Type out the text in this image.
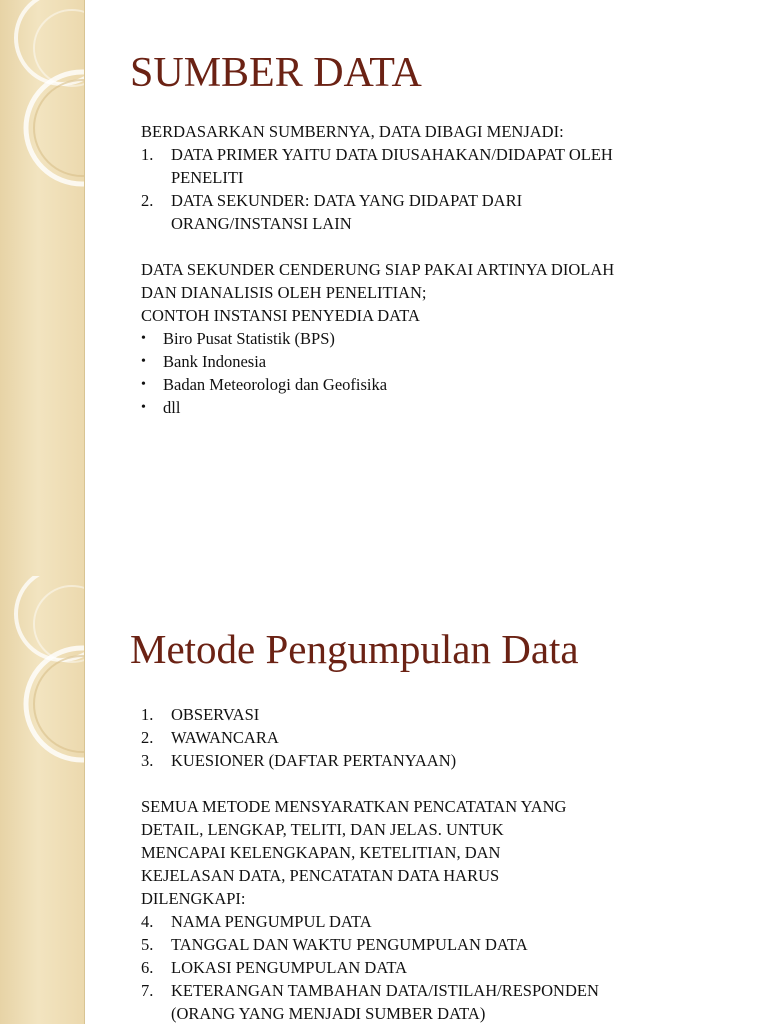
SUMBER DATA
BERDASARKAN SUMBERNYA, DATA DIBAGI MENJADI:
1.	DATA PRIMER YAITU DATA DIUSAHAKAN/DIDAPAT OLEH
PENELITI
2.	DATA SEKUNDER: DATA YANG DIDAPAT DARI
ORANG/INSTANSI LAIN
DATA SEKUNDER CENDERUNG SIAP PAKAI ARTINYA DIOLAH
DAN DIANALISIS OLEH PENELITIAN;
CONTOH INSTANSI PENYEDIA DATA
•	Biro Pusat Statistik (BPS)
•	Bank Indonesia
•	Badan Meteorologi dan Geofisika
•	dll
Metode Pengumpulan Data
1.	OBSERVASI
2.	WAWANCARA
3.	KUESIONER (DAFTAR PERTANYAAN)
SEMUA METODE MENSYARATKAN PENCATATAN YANG
DETAIL, LENGKAP, TELITI, DAN JELAS. UNTUK
MENCAPAI KELENGKAPAN, KETELITIAN, DAN
KEJELASAN DATA, PENCATATAN DATA HARUS
DILENGKAPI:
4.	NAMA PENGUMPUL DATA
5.	TANGGAL DAN WAKTU PENGUMPULAN DATA
6.	LOKASI PENGUMPULAN DATA
7.	KETERANGAN TAMBAHAN DATA/ISTILAH/RESPONDEN
(ORANG YANG MENJADI SUMBER DATA)
